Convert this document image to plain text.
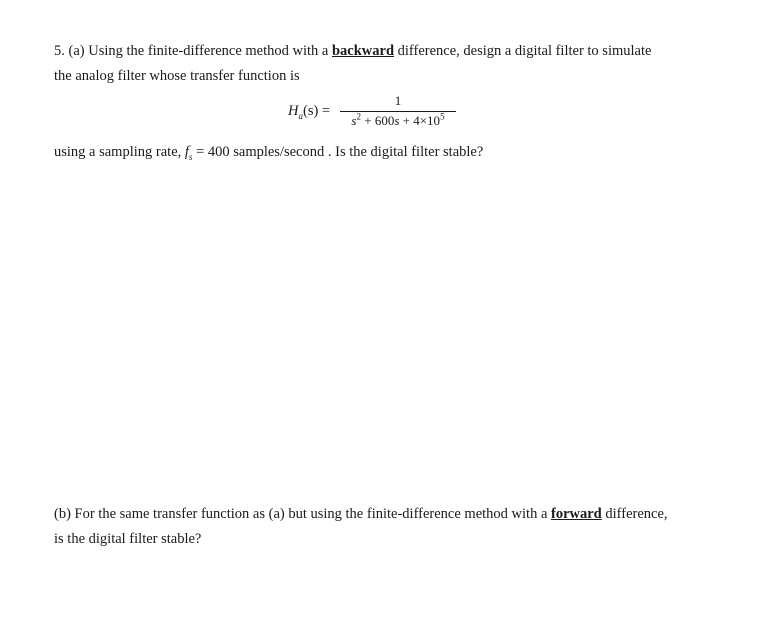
5. (a) Using the finite-difference method with a backward difference, design a digital filter to simulate
the analog filter whose transfer function is
$H_a(s)$ =
1
$s^2 + 600s + 4\times 10^5$
using a sampling rate, $f_s = 400$ samples/second . Is the digital filter stable?
(b) For the same transfer function as (a) but using the finite-difference method with a forward difference,
is the digital filter stable?
